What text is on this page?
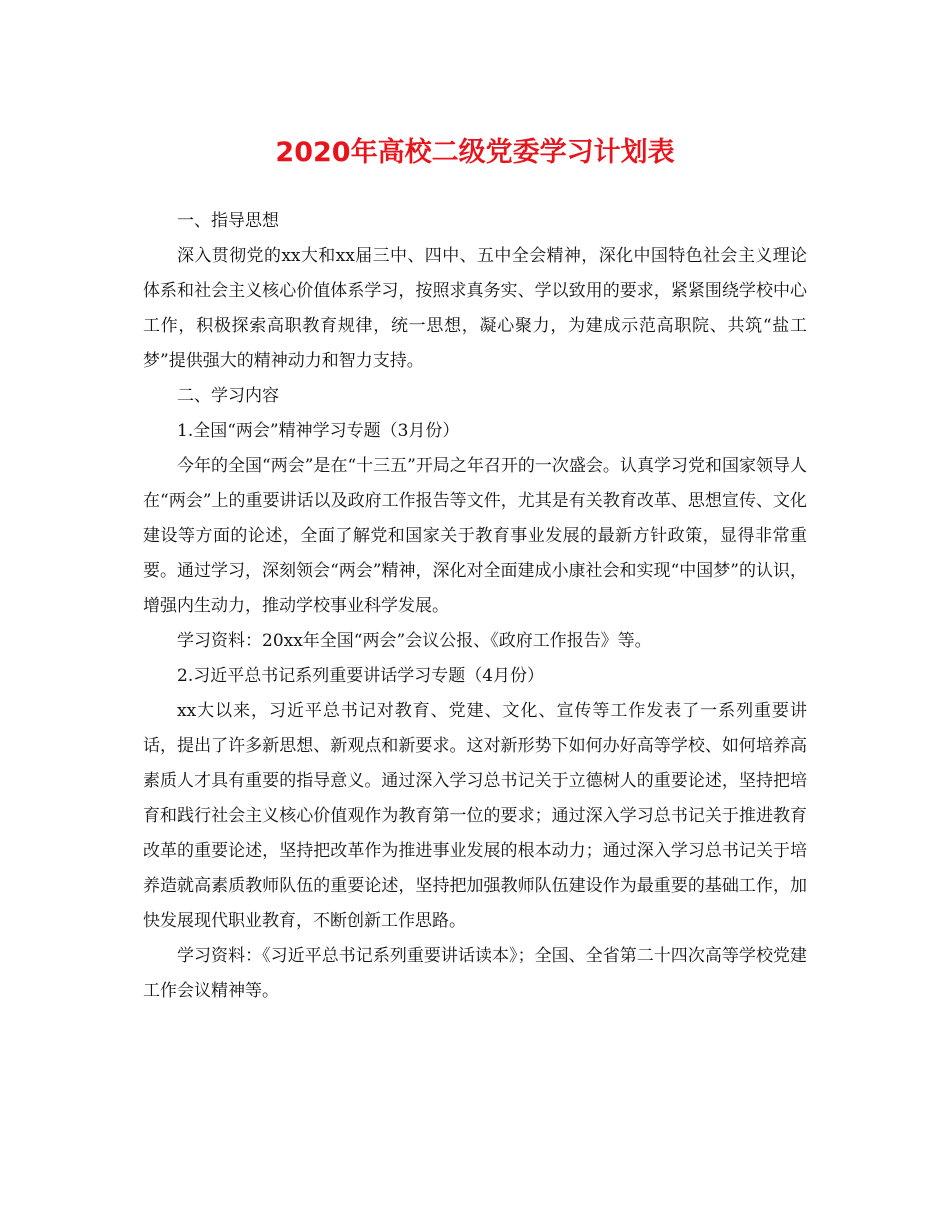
2020年高校二级党委学习计划表

一、指导思想

深入贯彻党的xx大和xx届三中、四中、五中全会精神，深化中国特色社会主义理论体系和社会主义核心价值体系学习，按照求真务实、学以致用的要求，紧紧围绕学校中心工作，积极探索高职教育规律，统一思想，凝心聚力，为建成示范高职院、共筑“盐工梦”提供强大的精神动力和智力支持。

二、学习内容

1.全国“两会”精神学习专题（3月份）

今年的全国“两会”是在“十三五”开局之年召开的一次盛会。认真学习党和国家领导人在“两会”上的重要讲话以及政府工作报告等文件，尤其是有关教育改革、思想宣传、文化建设等方面的论述，全面了解党和国家关于教育事业发展的最新方针政策，显得非常重要。通过学习，深刻领会“两会”精神，深化对全面建成小康社会和实现“中国梦”的认识，增强内生动力，推动学校事业科学发展。

学习资料：20xx年全国“两会”会议公报、《政府工作报告》等。

2.习近平总书记系列重要讲话学习专题（4月份）

xx大以来，习近平总书记对教育、党建、文化、宣传等工作发表了一系列重要讲话，提出了许多新思想、新观点和新要求。这对新形势下如何办好高等学校、如何培养高素质人才具有重要的指导意义。通过深入学习总书记关于立德树人的重要论述，坚持把培育和践行社会主义核心价值观作为教育第一位的要求；通过深入学习总书记关于推进教育改革的重要论述，坚持把改革作为推进事业发展的根本动力；通过深入学习总书记关于培养造就高素质教师队伍的重要论述，坚持把加强教师队伍建设作为最重要的基础工作，加快发展现代职业教育，不断创新工作思路。

学习资料：《习近平总书记系列重要讲话读本》；全国、全省第二十四次高等学校党建工作会议精神等。
